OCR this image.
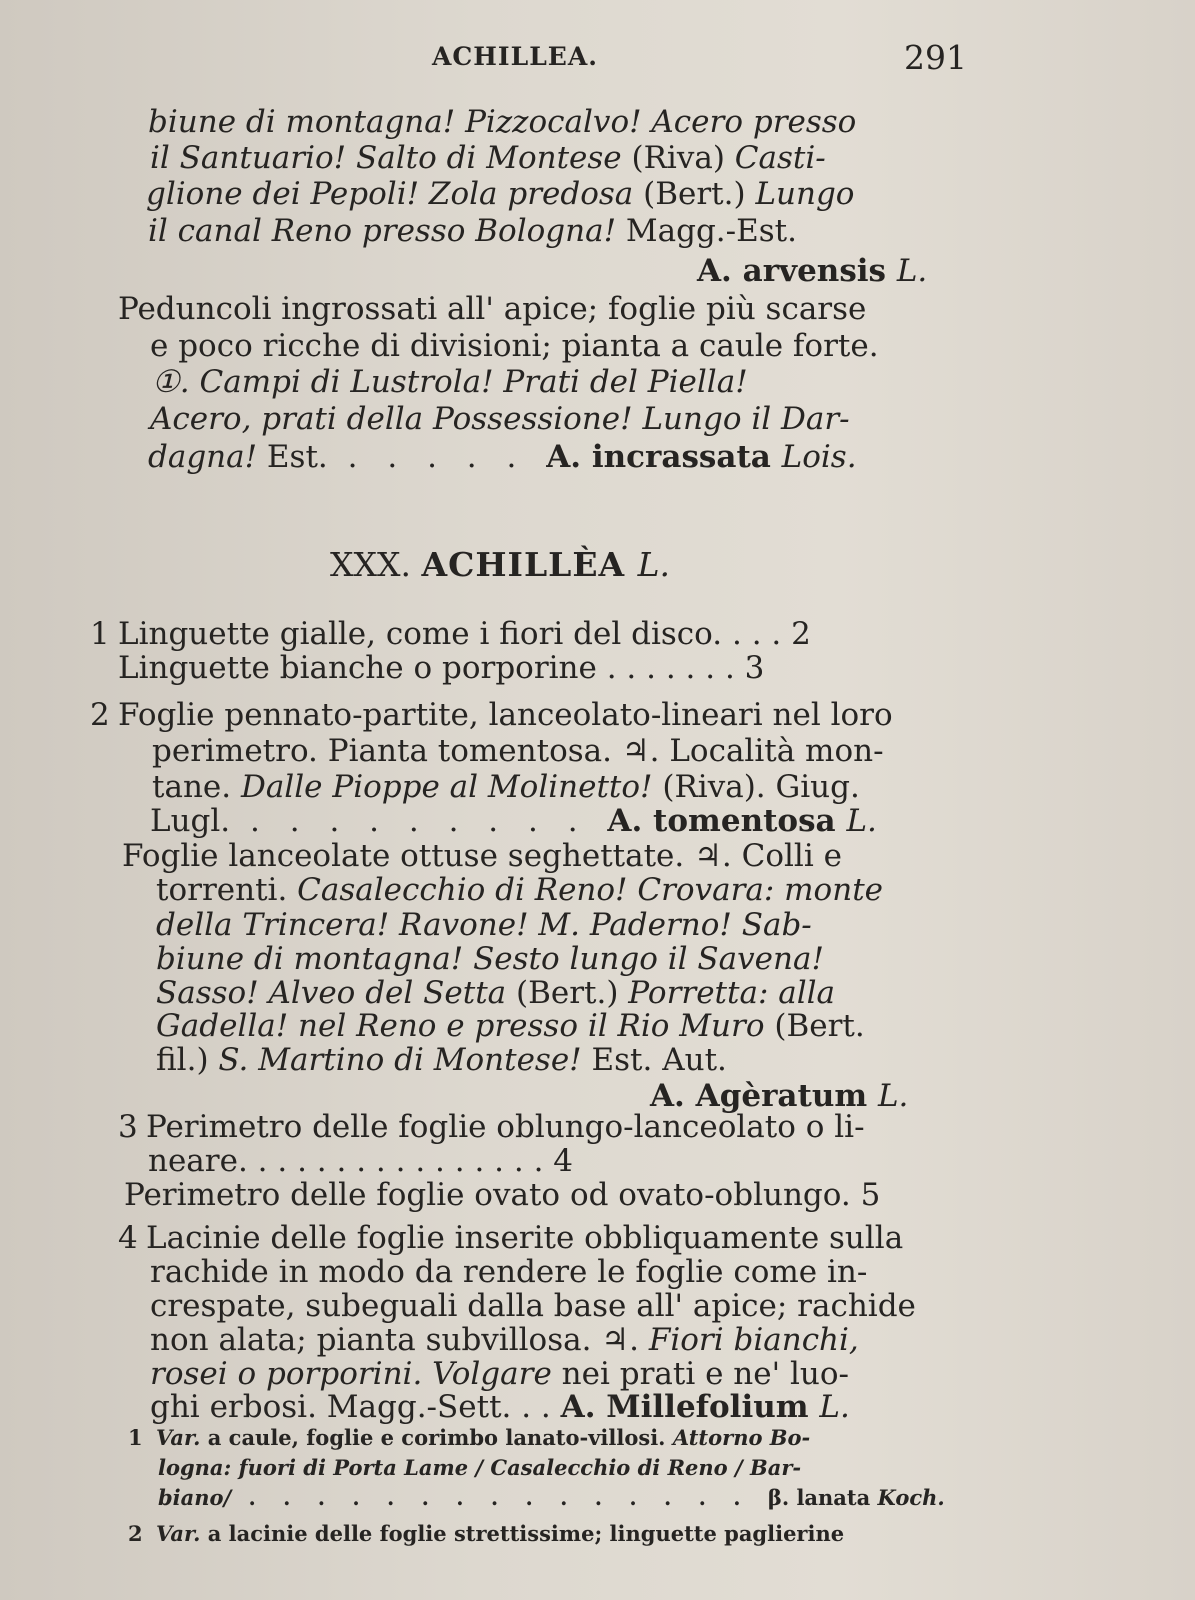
ACHILLEA.	291
biune di montagna! Pizzocalvo! Acero presso
il Santuario! Salto di Montese (Riva) Casti-
glione dei Pepoli! Zola predosa (Bert.) Lungo
il canal Reno presso Bologna! Magg.-Est.
A. arvensis L.
Peduncoli ingrossati all' apice; foglie più scarse
e poco ricche di divisioni; pianta a caule forte.
①. Campi di Lustrola! Prati del Piella!
Acero, prati della Possessione! Lungo il Dar-
dagna! Est. . . . . . A. incrassata Lois.
XXX. ACHILLÈA L.
1 Linguette gialle, come i fiori del disco. . . . 2
Linguette bianche o porporine . . . . . . . 3
2 Foglie pennato-partite, lanceolato-lineari nel loro
perimetro. Pianta tomentosa. ♃. Località mon-
tane. Dalle Pioppe al Molinetto! (Riva). Giug.
Lugl. . . . . . . . . . A. tomentosa L.
Foglie lanceolate ottuse seghettate. ♃. Colli e
torrenti. Casalecchio di Reno! Crovara: monte
della Trincera! Ravone! M. Paderno! Sab-
biune di montagna! Sesto lungo il Savena!
Sasso! Alveo del Setta (Bert.) Porretta: alla
Gadella! nel Reno e presso il Rio Muro (Bert.
fil.) S. Martino di Montese! Est. Aut.
A. Agèratum L.
3 Perimetro delle foglie oblungo-lanceolato o li-
neare. . . . . . . . . . . . . . . . 4
Perimetro delle foglie ovato od ovato-oblungo. 5
4 Lacinie delle foglie inserite obbliquamente sulla
rachide in modo da rendere le foglie come in-
crespate, subeguali dalla base all' apice; rachide
non alata; pianta subvillosa. ♃. Fiori bianchi,
rosei o porporini. Volgare nei prati e ne' luo-
ghi erbosi. Magg.-Sett. . . A. Millefolium L.
1 Var. a caule, foglie e corimbo lanato-villosi. Attorno Bo-
logna: fuori di Porta Lame / Casalecchio di Reno / Bar-
biano/ . . . . . . . . . . . . . . . β. lanata Koch.
2 Var. a lacinie delle foglie strettissime; linguette paglierine
